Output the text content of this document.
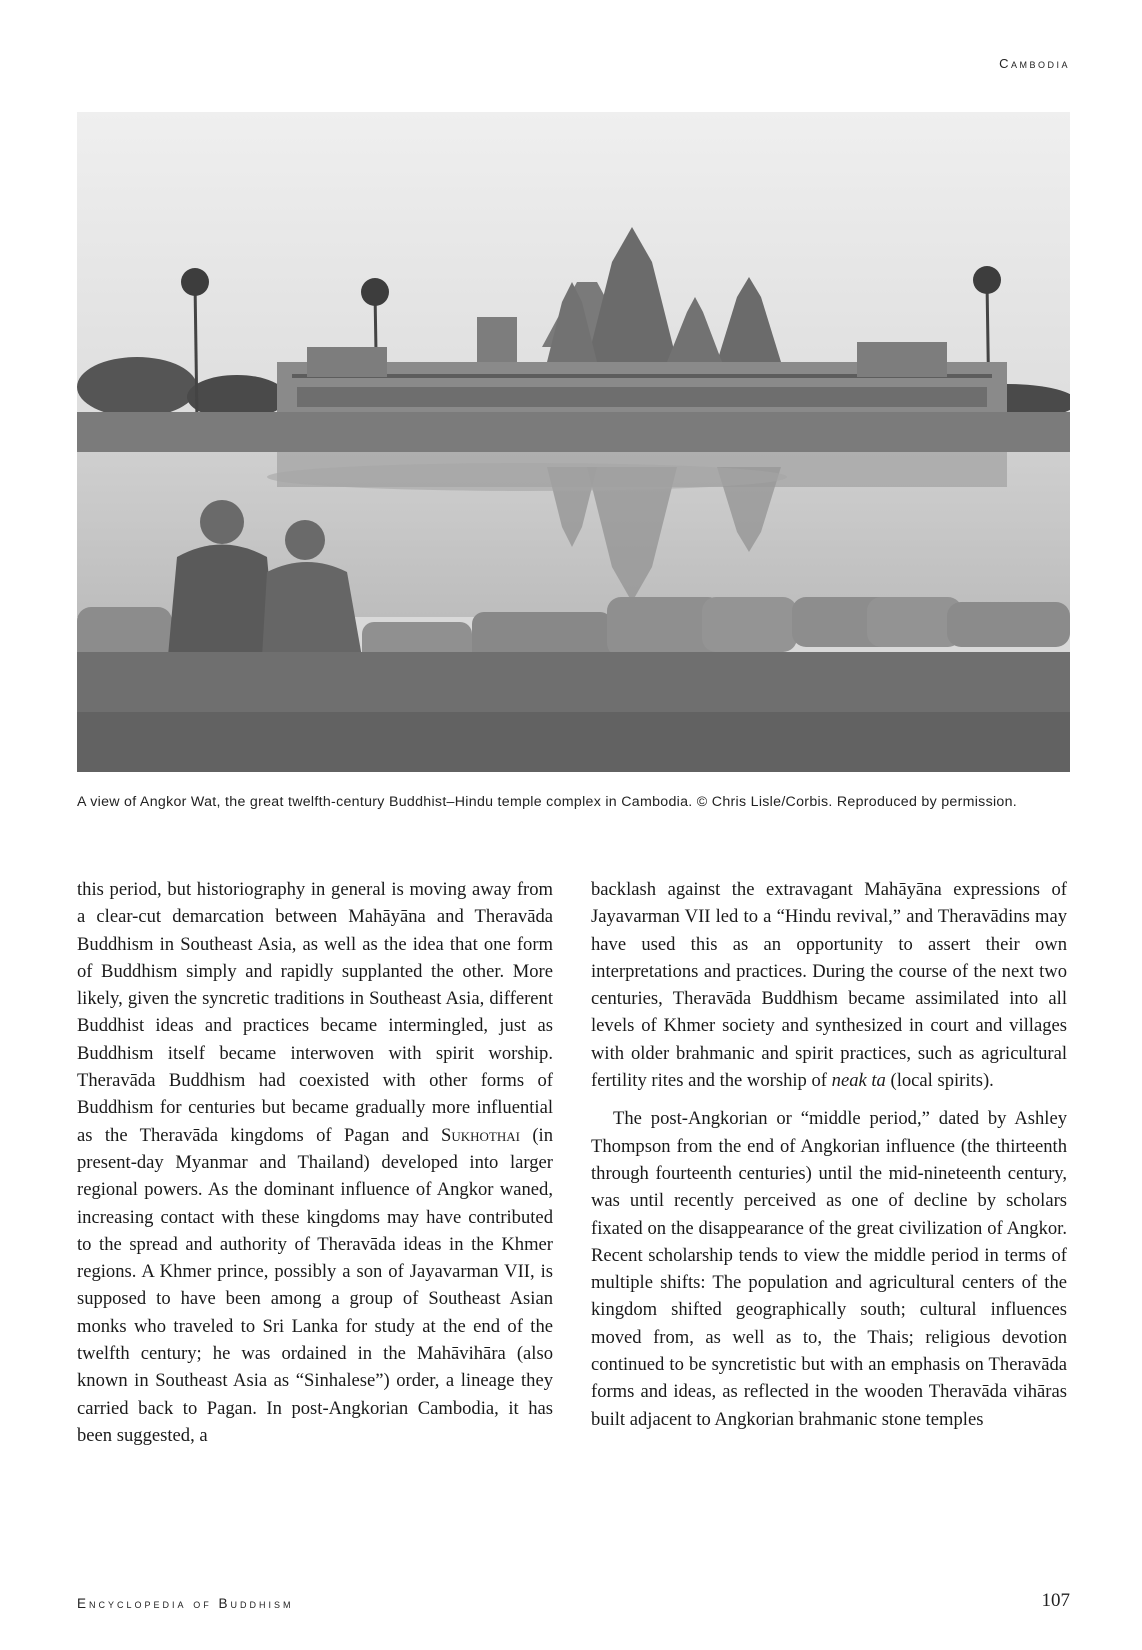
Cambodia
A view of Angkor Wat, the great twelfth-century Buddhist–Hindu temple complex in Cambodia. © Chris Lisle/Corbis. Reproduced by permission.

this period, but historiography in general is moving away from a clear-cut demarcation between Mahāyāna and Theravāda Buddhism in Southeast Asia, as well as the idea that one form of Buddhism simply and rapidly supplanted the other. More likely, given the syncretic traditions in Southeast Asia, different Buddhist ideas and practices became intermingled, just as Buddhism itself became interwoven with spirit worship. Theravāda Buddhism had coexisted with other forms of Buddhism for centuries but became gradually more influential as the Theravāda kingdoms of Pagan and Sukhothai (in present-day Myanmar and Thailand) developed into larger regional powers. As the dominant influence of Angkor waned, increasing contact with these kingdoms may have contributed to the spread and authority of Theravāda ideas in the Khmer regions. A Khmer prince, possibly a son of Jayavarman VII, is supposed to have been among a group of Southeast Asian monks who traveled to Sri Lanka for study at the end of the twelfth century; he was ordained in the Mahāvihāra (also known in Southeast Asia as “Sinhalese”) order, a lineage they carried back to Pagan. In post-Angkorian Cambodia, it has been suggested, a

backlash against the extravagant Mahāyāna expressions of Jayavarman VII led to a “Hindu revival,” and Theravādins may have used this as an opportunity to assert their own interpretations and practices. During the course of the next two centuries, Theravāda Buddhism became assimilated into all levels of Khmer society and synthesized in court and villages with older brahmanic and spirit practices, such as agricultural fertility rites and the worship of neak ta (local spirits).

The post-Angkorian or “middle period,” dated by Ashley Thompson from the end of Angkorian influence (the thirteenth through fourteenth centuries) until the mid-nineteenth century, was until recently perceived as one of decline by scholars fixated on the disappearance of the great civilization of Angkor. Recent scholarship tends to view the middle period in terms of multiple shifts: The population and agricultural centers of the kingdom shifted geographically south; cultural influences moved from, as well as to, the Thais; religious devotion continued to be syncretistic but with an emphasis on Theravāda forms and ideas, as reflected in the wooden Theravāda vihāras built adjacent to Angkorian brahmanic stone temples

Encyclopedia of Buddhism	107
